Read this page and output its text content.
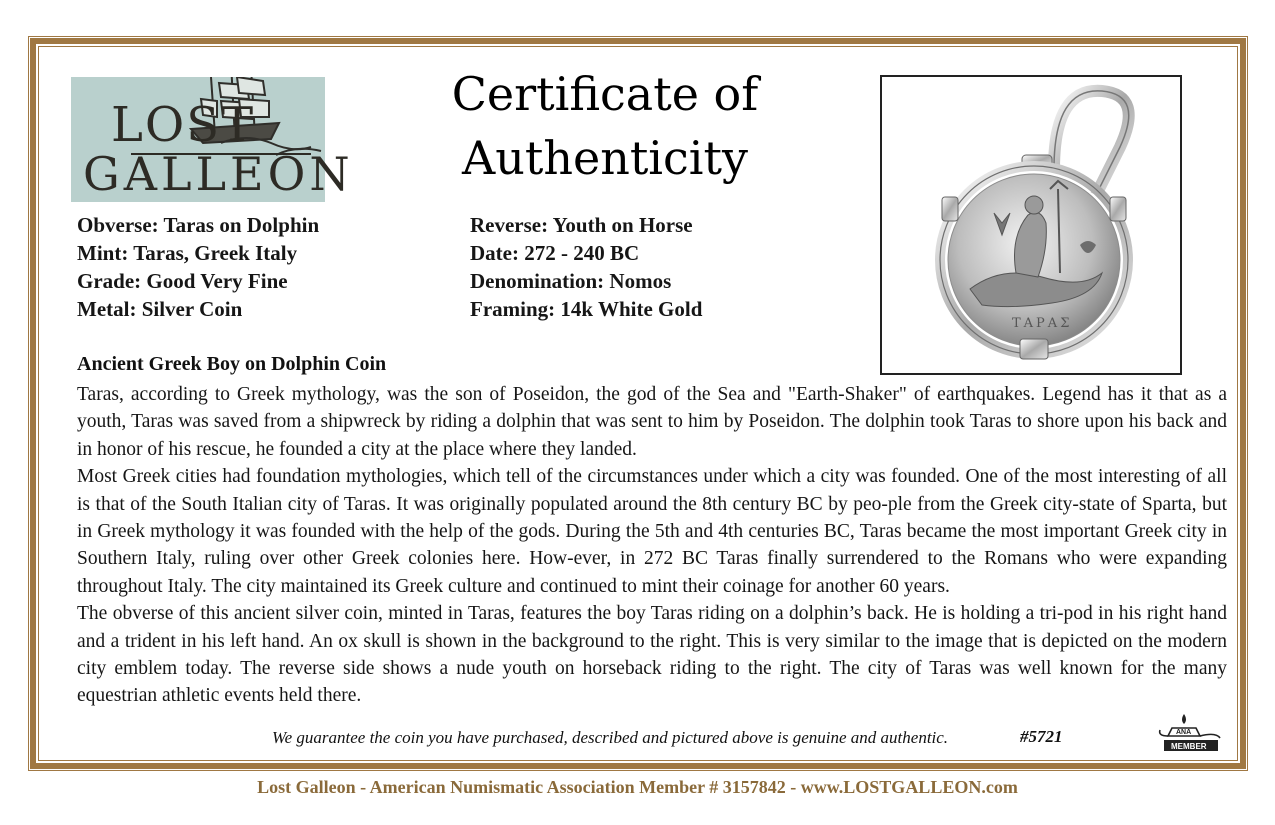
LOST
GALLEON
Certificate of
Authenticity
Obverse: Taras on Dolphin
Mint: Taras, Greek Italy
Grade: Good Very Fine
Metal: Silver Coin
Reverse: Youth on Horse
Date: 272 - 240 BC
Denomination: Nomos
Framing: 14k White Gold
ΤΑΡΑΣ
Ancient Greek Boy on Dolphin Coin

Taras, according to Greek mythology, was the son of Poseidon, the god of the Sea and "Earth-Shaker" of earthquakes. Legend has it that as a youth, Taras was saved from a shipwreck by riding a dolphin that was sent to him by Poseidon. The dolphin took Taras to shore upon his back and in honor of his rescue, he founded a city at the place where they landed.

Most Greek cities had foundation mythologies, which tell of the circumstances under which a city was founded. One of the most interesting of all is that of the South Italian city of Taras. It was originally populated around the 8th century BC by peo-ple from the Greek city-state of Sparta, but in Greek mythology it was founded with the help of the gods. During the 5th and 4th centuries BC, Taras became the most important Greek city in Southern Italy, ruling over other Greek colonies here. How-ever, in 272 BC Taras finally surrendered to the Romans who were expanding throughout Italy. The city maintained its Greek culture and continued to mint their coinage for another 60 years.

The obverse of this ancient silver coin, minted in Taras, features the boy Taras riding on a dolphin’s back. He is holding a tri-pod in his right hand and a trident in his left hand. An ox skull is shown in the background to the right. This is very similar to the image that is depicted on the modern city emblem today. The reverse side shows a nude youth on horseback riding to the right. The city of Taras was well known for the many equestrian athletic events held there.

We guarantee the coin you have purchased, described and pictured above is genuine and authentic.	#5721	ANA
MEMBER
Lost Galleon - American Numismatic Association Member # 3157842 - www.LOSTGALLEON.com
